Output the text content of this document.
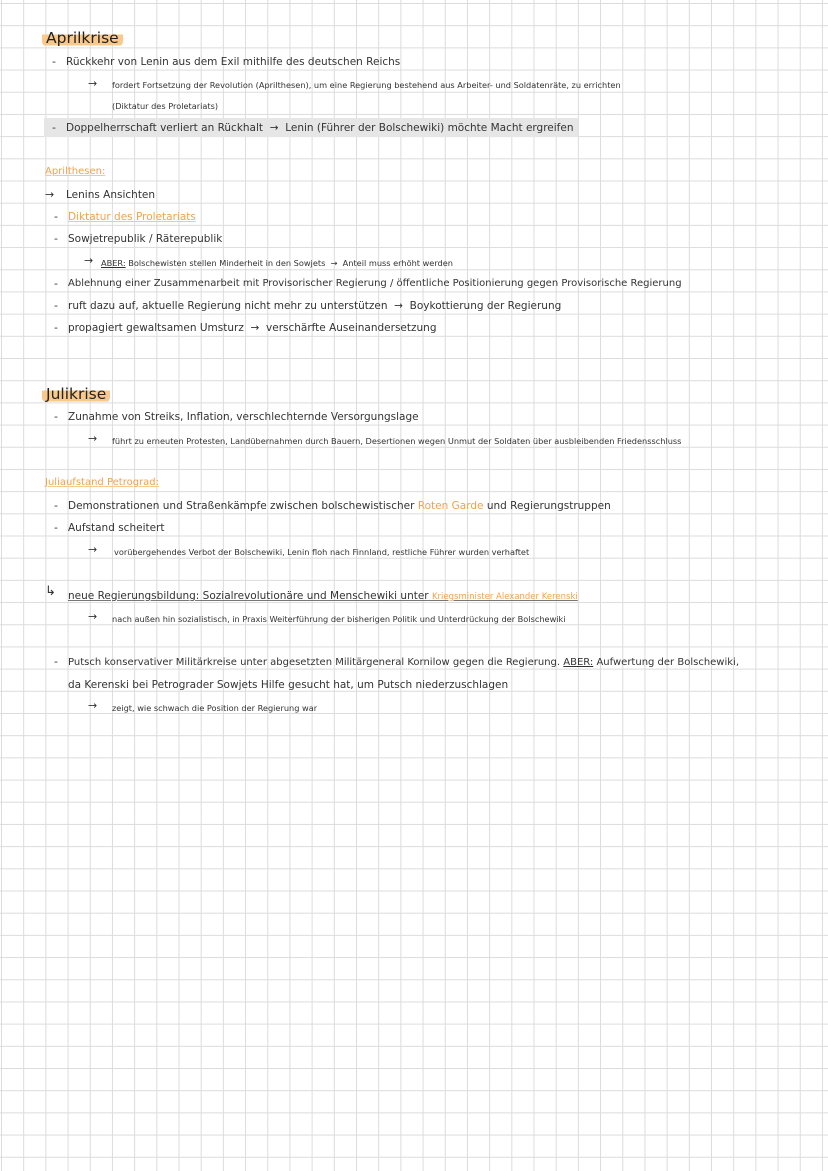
Aprilkrise
- Rückkehr von Lenin aus dem Exil mithilfe des deutschen Reichs
→ fordert Fortsetzung der Revolution (Aprilthesen), um eine Regierung bestehend aus Arbeiter- und Soldatenräte, zu errichten
(Diktatur des Proletariats)
- Doppelherrschaft verliert an Rückhalt  →  Lenin (Führer der Bolschewiki) möchte Macht ergreifen
Aprilthesen:
→ Lenins Ansichten
- Diktatur des Proletariats
- Sowjetrepublik / Räterepublik
→ ABER: Bolschewisten stellen Minderheit in den Sowjets  →  Anteil muss erhöht werden
- Ablehnung einer Zusammenarbeit mit Provisorischer Regierung / öffentliche Positionierung gegen Provisorische Regierung
- ruft dazu auf, aktuelle Regierung nicht mehr zu unterstützen  →  Boykottierung der Regierung
- propagiert gewaltsamen Umsturz  →  verschärfte Auseinandersetzung
Julikrise
- Zunahme von Streiks, Inflation, verschlechternde Versorgungslage
→ führt zu erneuten Protesten, Landübernahmen durch Bauern, Desertionen wegen Unmut der Soldaten über ausbleibenden Friedensschluss
Juliaufstand Petrograd:
- Demonstrationen und Straßenkämpfe zwischen bolschewistischer Roten Garde und Regierungstruppen
- Aufstand scheitert
→ vorübergehendes Verbot der Bolschewiki, Lenin floh nach Finnland, restliche Führer wurden verhaftet
↳ neue Regierungsbildung: Sozialrevolutionäre und Menschewiki unter Kriegsminister Alexander Kerenski
→ nach außen hin sozialistisch, in Praxis Weiterführung der bisherigen Politik und Unterdrückung der Bolschewiki
- Putsch konservativer Militärkreise unter abgesetzten Militärgeneral Kornilow gegen die Regierung. ABER: Aufwertung der Bolschewiki,
da Kerenski bei Petrograder Sowjets Hilfe gesucht hat, um Putsch niederzuschlagen
→ zeigt, wie schwach die Position der Regierung war
